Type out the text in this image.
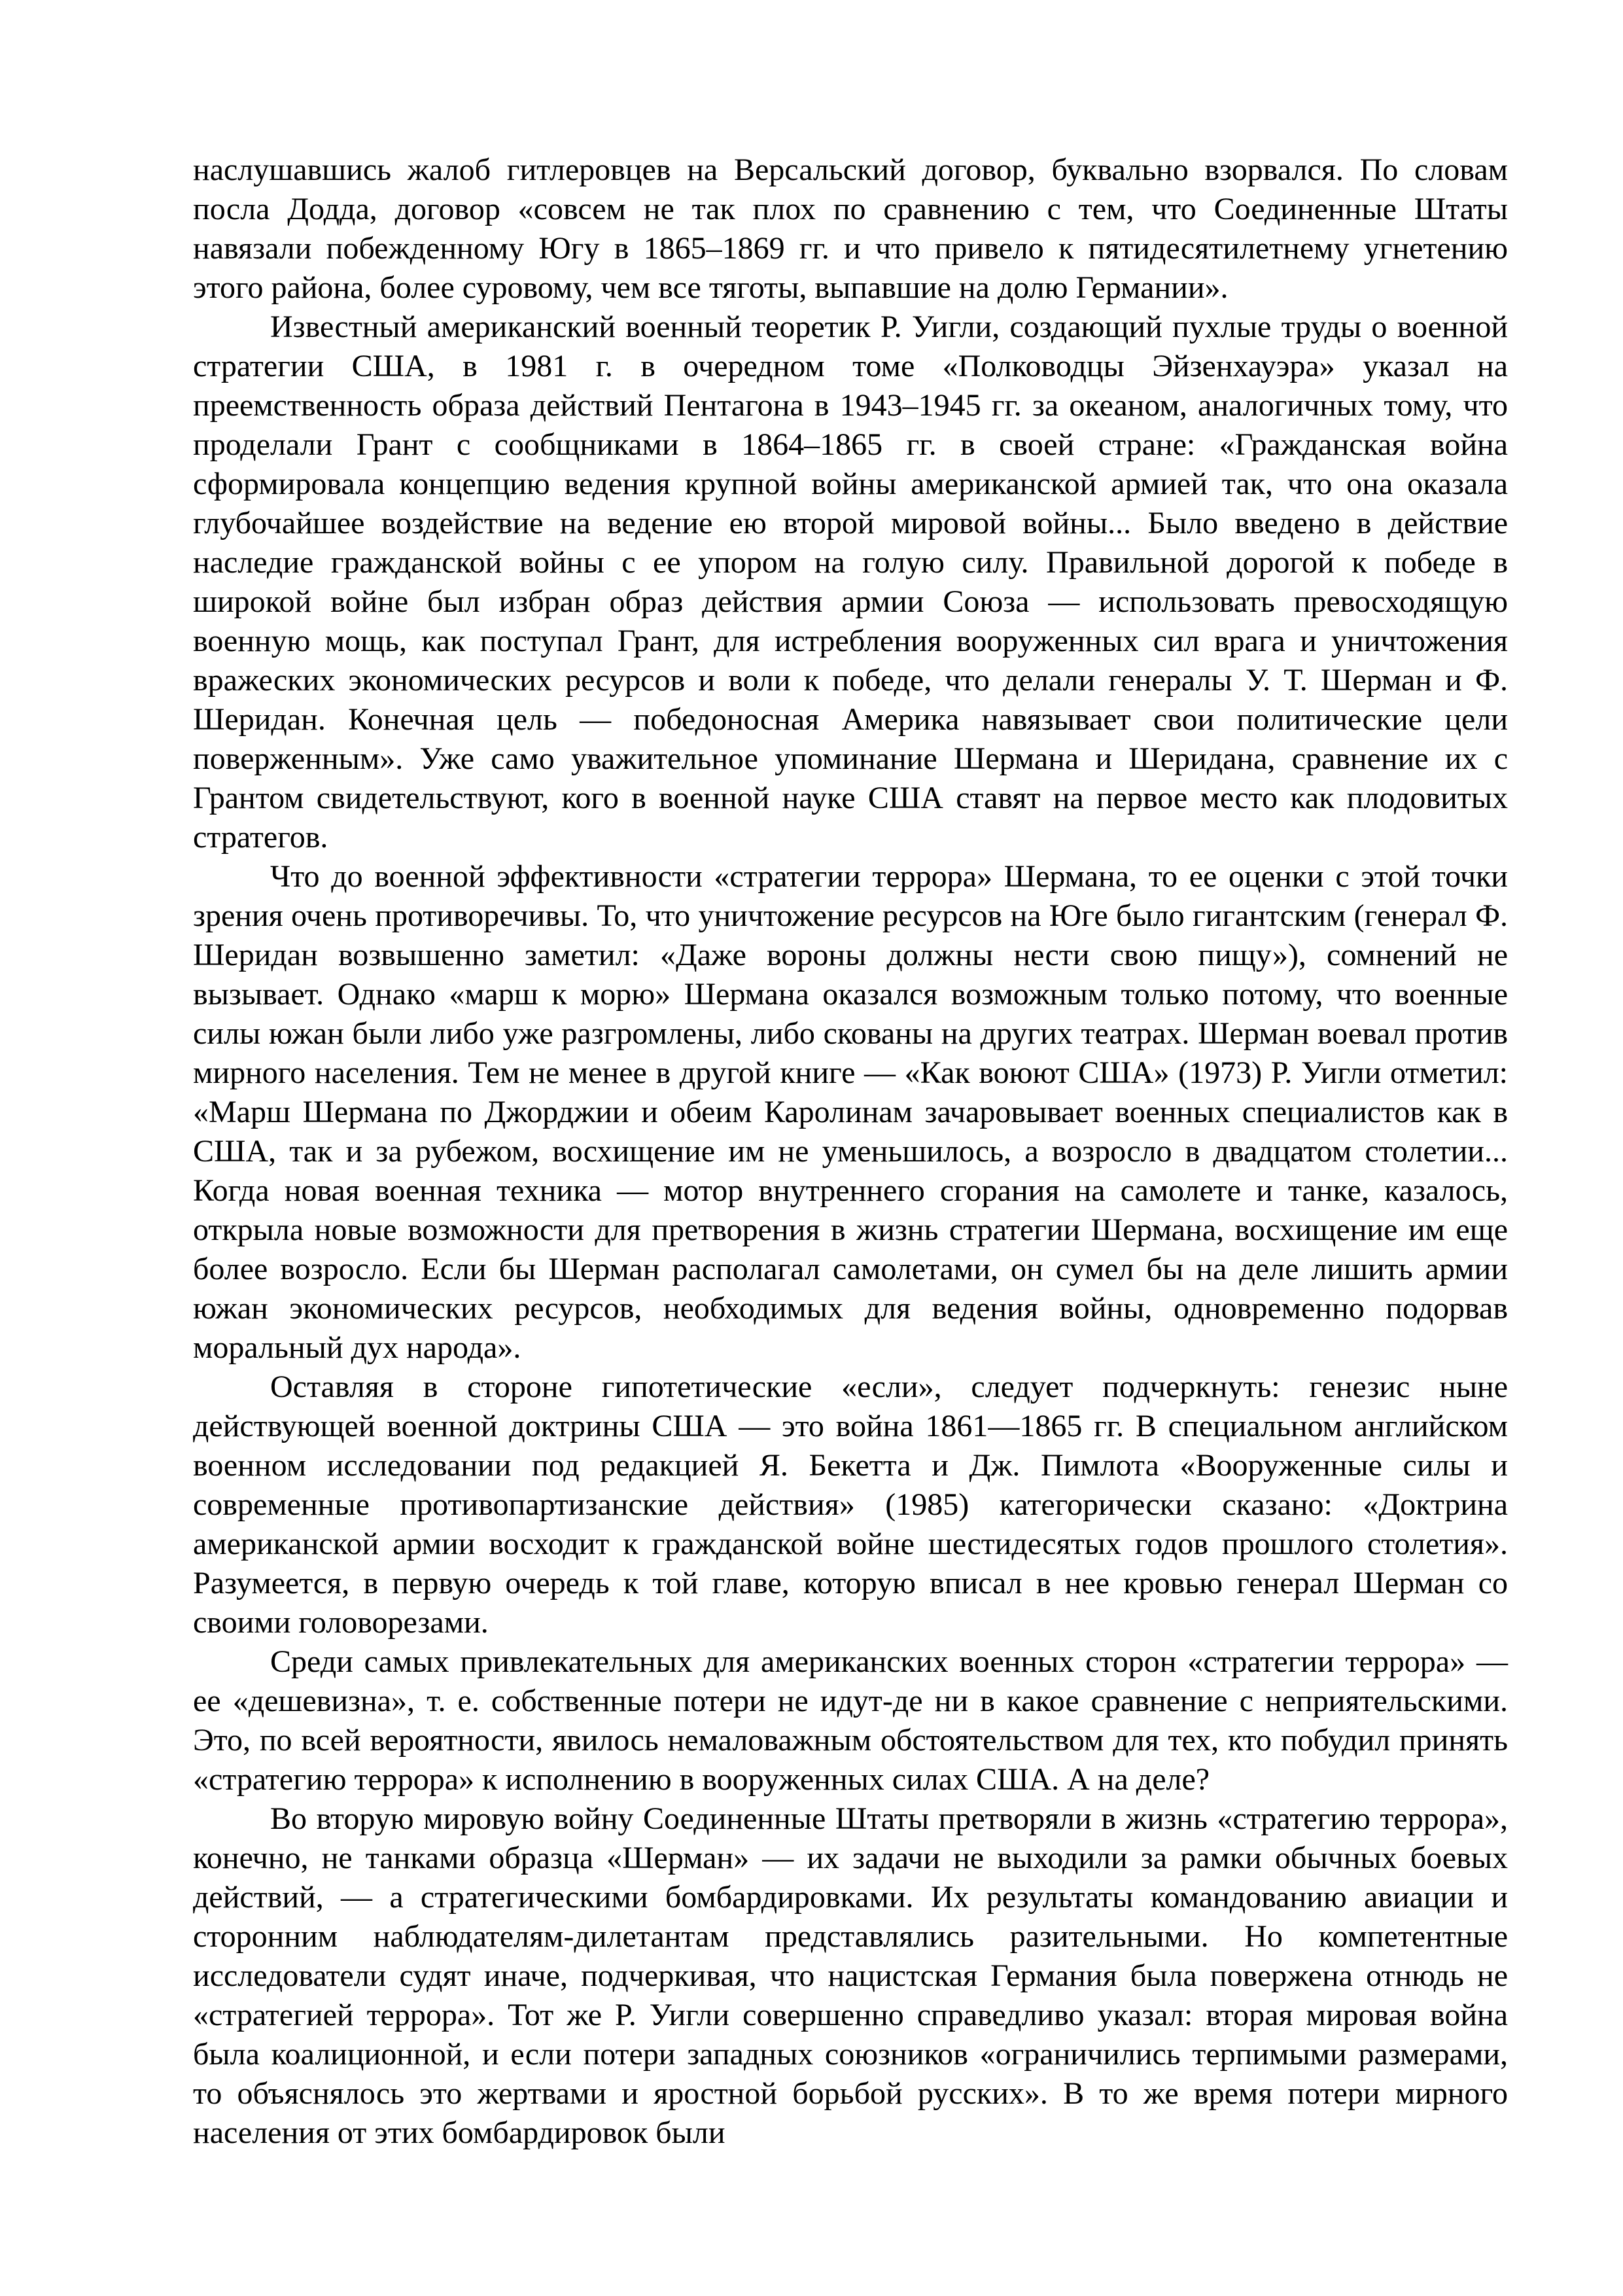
наслушавшись жалоб гитлеровцев на Версальский договор, буквально взорвался. По словам посла Додда, договор «совсем не так плох по сравнению с тем, что Соединенные Штаты навязали побежденному Югу в 1865–1869 гг. и что привело к пятидесятилетнему угнетению этого района, более суровому, чем все тяготы, выпавшие на долю Германии».

Известный американский военный теоретик Р. Уигли, создающий пухлые труды о военной стратегии США, в 1981 г. в очередном томе «Полководцы Эйзенхауэра» указал на преемственность образа действий Пентагона в 1943–1945 гг. за океаном, аналогичных тому, что проделали Грант с сообщниками в 1864–1865 гг. в своей стране: «Гражданская война сформировала концепцию ведения крупной войны американской армией так, что она оказала глубочайшее воздействие на ведение ею второй мировой войны... Было введено в действие наследие гражданской войны с ее упором на голую силу. Правильной дорогой к победе в широкой войне был избран образ действия армии Союза — использовать превосходящую военную мощь, как поступал Грант, для истребления вооруженных сил врага и уничтожения вражеских экономических ресурсов и воли к победе, что делали генералы У. Т. Шерман и Ф. Шеридан. Конечная цель — победоносная Америка навязывает свои политические цели поверженным». Уже само уважительное упоминание Шермана и Шеридана, сравнение их с Грантом свидетельствуют, кого в военной науке США ставят на первое место как плодовитых стратегов.

Что до военной эффективности «стратегии террора» Шермана, то ее оценки с этой точки зрения очень противоречивы. То, что уничтожение ресурсов на Юге было гигантским (генерал Ф. Шеридан возвышенно заметил: «Даже вороны должны нести свою пищу»), сомнений не вызывает. Однако «марш к морю» Шермана оказался возможным только потому, что военные силы южан были либо уже разгромлены, либо скованы на других театрах. Шерман воевал против мирного населения. Тем не менее в другой книге — «Как воюют США» (1973) Р. Уигли отметил: «Марш Шермана по Джорджии и обеим Каролинам зачаровывает военных специалистов как в США, так и за рубежом, восхищение им не уменьшилось, а возросло в двадцатом столетии... Когда новая военная техника — мотор внутреннего сгорания на самолете и танке, казалось, открыла новые возможности для претворения в жизнь стратегии Шермана, восхищение им еще более возросло. Если бы Шерман располагал самолетами, он сумел бы на деле лишить армии южан экономических ресурсов, необходимых для ведения войны, одновременно подорвав моральный дух народа».

Оставляя в стороне гипотетические «если», следует подчеркнуть: генезис ныне действующей военной доктрины США — это война 1861—1865 гг. В специальном английском военном исследовании под редакцией Я. Бекетта и Дж. Пимлота «Вооруженные силы и современные противопартизанские действия» (1985) категорически сказано: «Доктрина американской армии восходит к гражданской войне шестидесятых годов прошлого столетия». Разумеется, в первую очередь к той главе, которую вписал в нее кровью генерал Шерман со своими головорезами.

Среди самых привлекательных для американских военных сторон «стратегии террора» — ее «дешевизна», т. е. собственные потери не идут-де ни в какое сравнение с неприятельскими. Это, по всей вероятности, явилось немаловажным обстоятельством для тех, кто побудил принять «стратегию террора» к исполнению в вооруженных силах США. А на деле?

Во вторую мировую войну Соединенные Штаты претворяли в жизнь «стратегию террора», конечно, не танками образца «Шерман» — их задачи не выходили за рамки обычных боевых действий, — а стратегическими бомбардировками. Их результаты командованию авиации и сторонним наблюдателям-дилетантам представлялись разительными. Но компетентные исследователи судят иначе, подчеркивая, что нацистская Германия была повержена отнюдь не «стратегией террора». Тот же Р. Уигли совершенно справедливо указал: вторая мировая война была коалиционной, и если потери западных союзников «ограничились терпимыми размерами, то объяснялось это жертвами и яростной борьбой русских». В то же время потери мирного населения от этих бомбардировок были
